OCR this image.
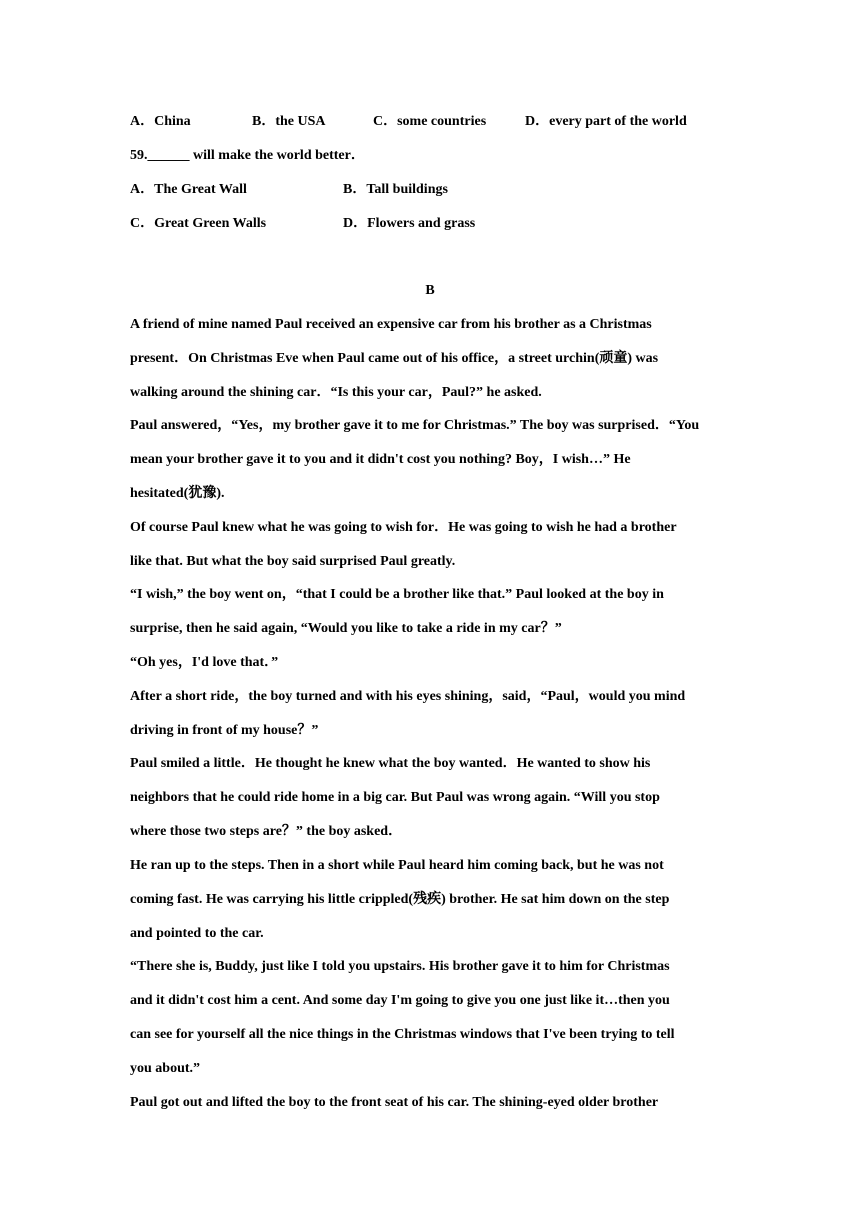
A．China	B．the USA	C．some countries	D．every part of the world
59.______ will make the world better．
A．The Great Wall	B．Tall buildings
C．Great Green Walls	D．Flowers and grass
B
A friend of mine named Paul received an expensive car from his brother as a Christmas
present．On Christmas Eve when Paul came out of his office，a street urchin(顽童) was
walking around the shining car．“Is this your car，Paul?” he asked.
Paul answered，“Yes，my brother gave it to me for Christmas.” The boy was surprised．“You
mean your brother gave it to you and it didn't cost you nothing? Boy，I wish…” He
hesitated(犹豫).
Of course Paul knew what he was going to wish for．He was going to wish he had a brother
like that. But what the boy said surprised Paul greatly.
“I wish,” the boy went on，“that I could be a brother like that.” Paul looked at the boy in
surprise, then he said again, “Would you like to take a ride in my car？”
“Oh yes，I'd love that．”
After a short ride，the boy turned and with his eyes shining，said，“Paul，would you mind
driving in front of my house？”
Paul smiled a little．He thought he knew what the boy wanted．He wanted to show his
neighbors that he could ride home in a big car. But Paul was wrong again. “Will you stop
where those two steps are？” the boy asked．
He ran up to the steps. Then in a short while Paul heard him coming back, but he was not
coming fast. He was carrying his little crippled(残疾) brother. He sat him down on the step
and pointed to the car.
“There she is, Buddy, just like I told you upstairs. His brother gave it to him for Christmas
and it didn't cost him a cent. And some day I'm going to give you one just like it…then you
can see for yourself all the nice things in the Christmas windows that I've been trying to tell
you about.”
Paul got out and lifted the boy to the front seat of his car. The shining-eyed older brother
